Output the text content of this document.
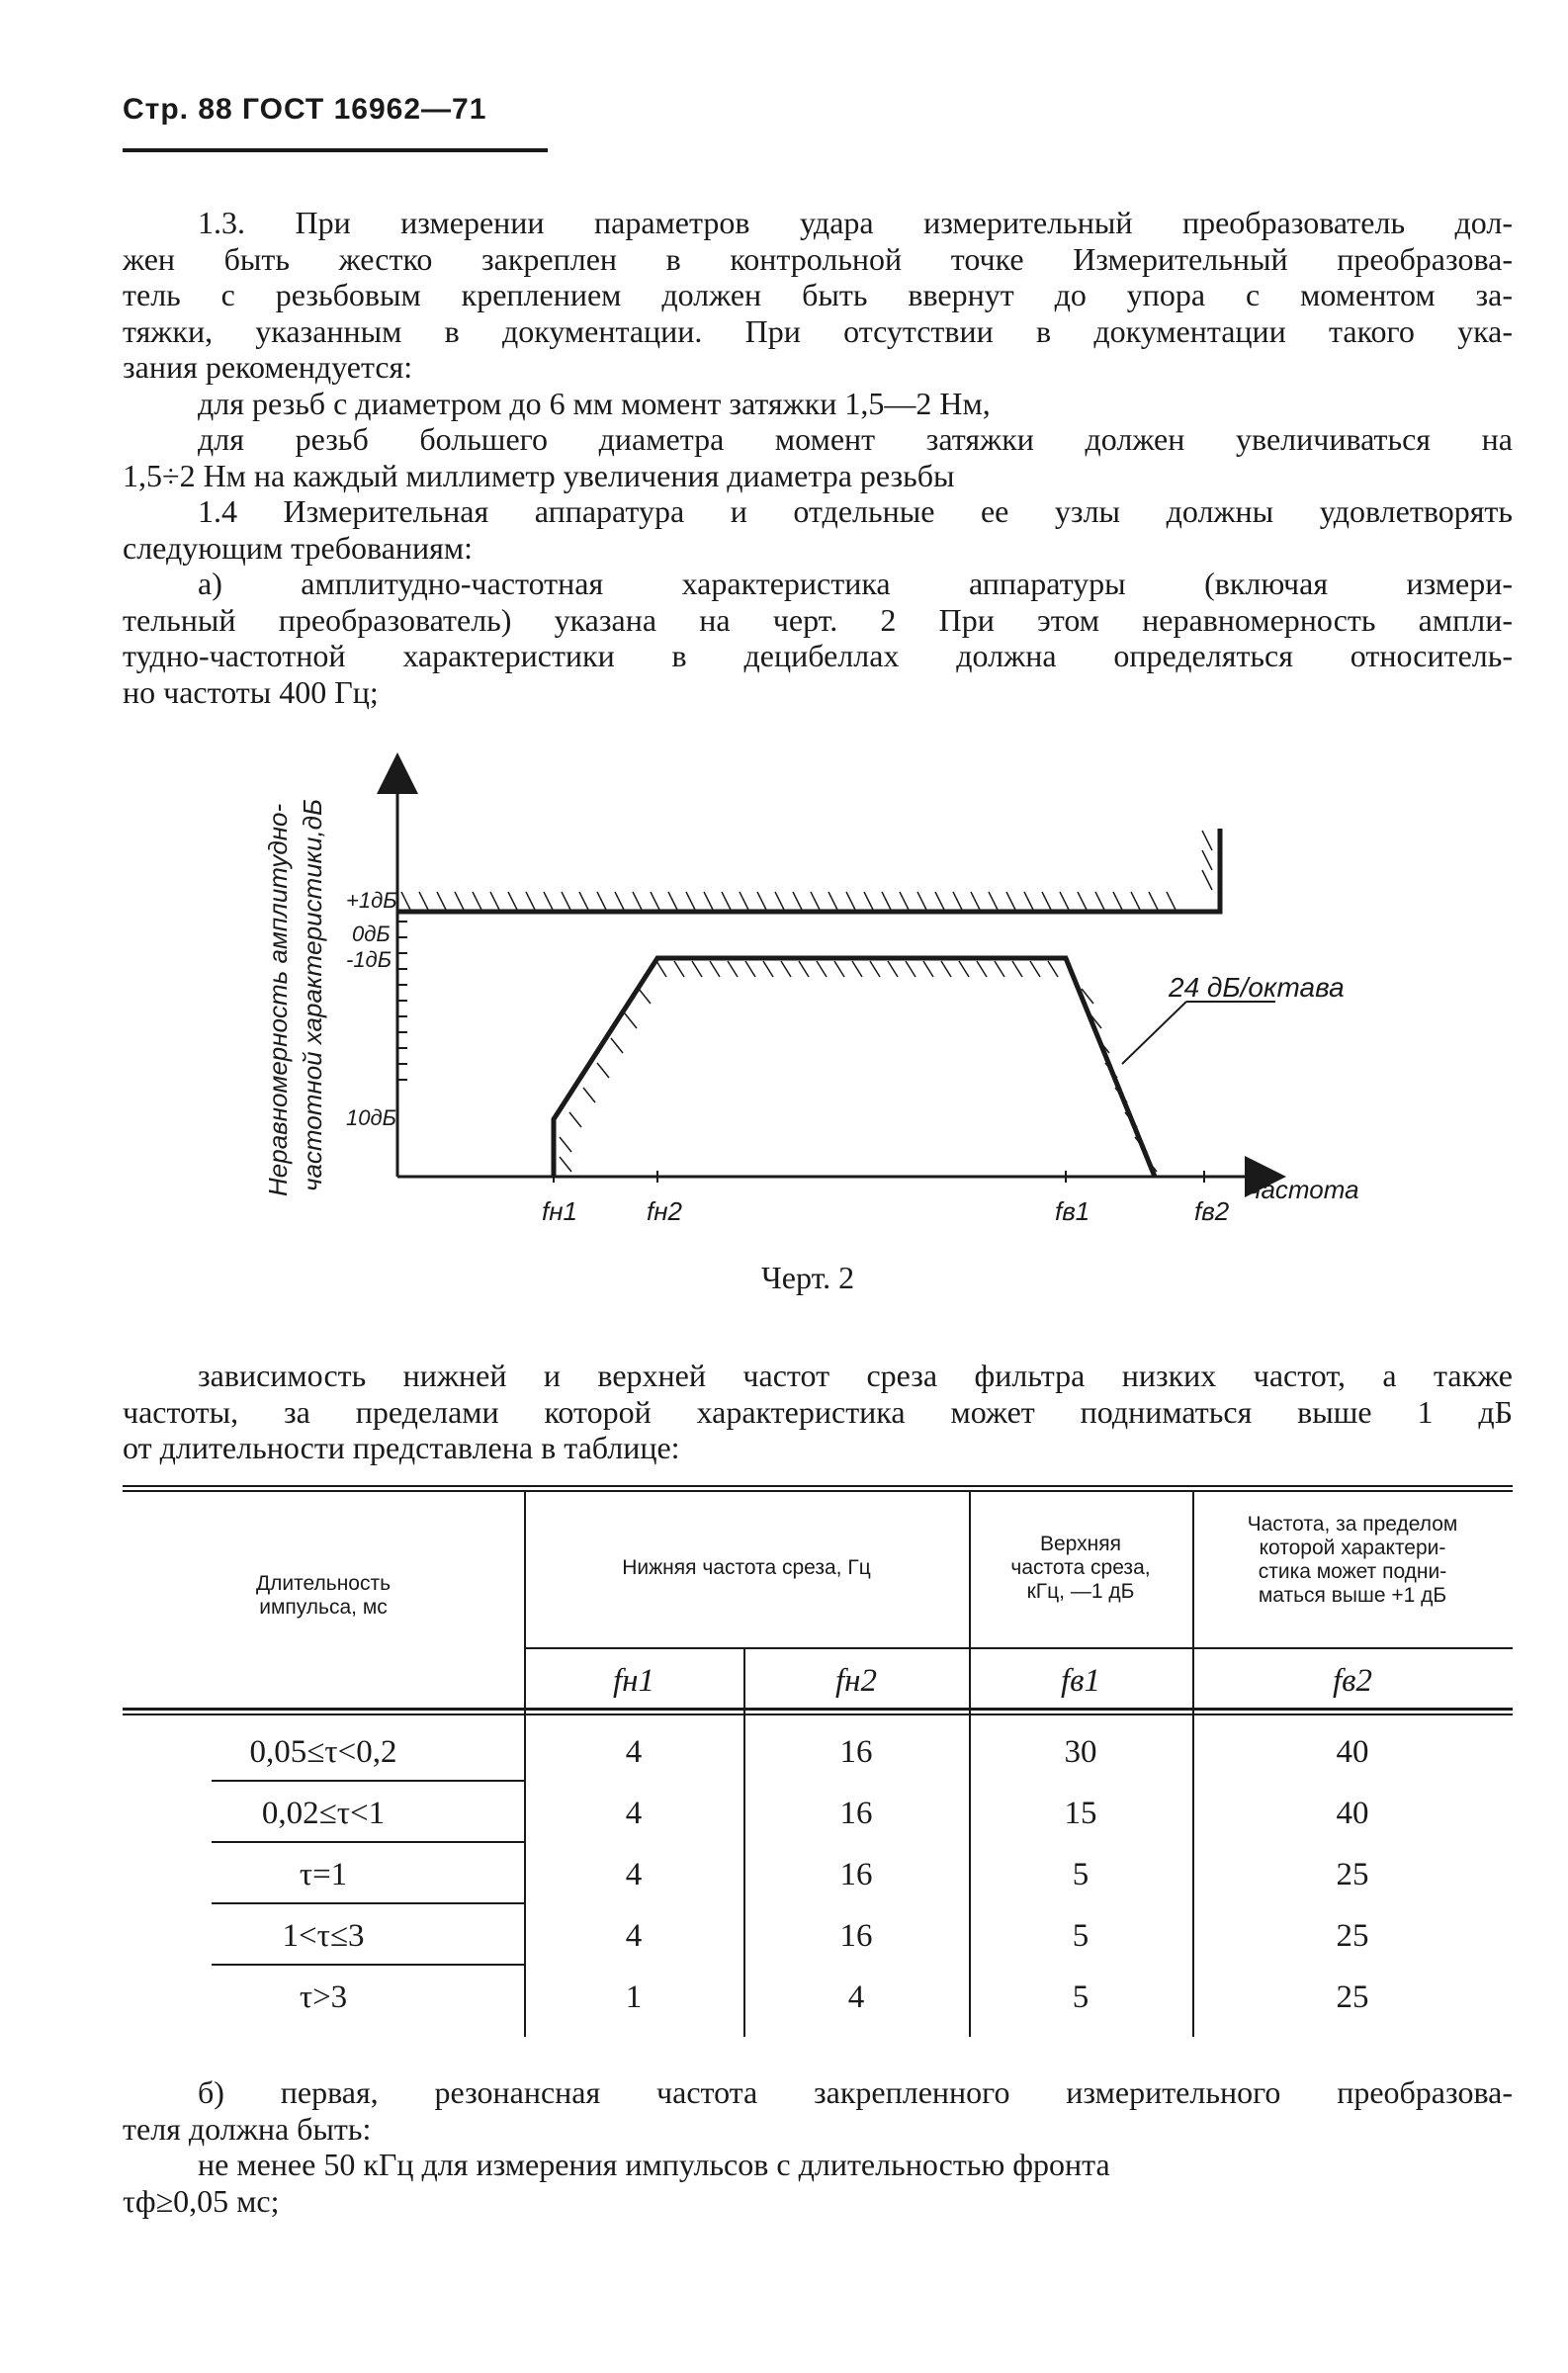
Стр. 88 ГОСТ 16962—71
1.3. При измерении параметров удара измерительный преобразователь дол-
жен быть жестко закреплен в контрольной точке Измерительный преобразова-
тель с резьбовым креплением должен быть ввернут до упора с моментом за-
тяжки, указанным в документации. При отсутствии в документации такого ука-
зания рекомендуется:
для резьб с диаметром до 6 мм момент затяжки 1,5—2 Нм,
для резьб большего диаметра момент затяжки должен увеличиваться на
1,5÷2 Нм на каждый миллиметр увеличения диаметра резьбы
1.4 Измерительная аппаратура и отдельные ее узлы должны удовлетворять
следующим требованиям:
а) амплитудно-частотная характеристика аппаратуры (включая измери-
тельный преобразователь) указана на черт. 2 При этом неравномерность ампли-
тудно-частотной характеристики в децибеллах должна определяться относитель-
но частоты 400 Гц;
Неравномерность амплитудно- частотной характеристики,дБ +1дБ
0дБ
-1дБ
10дБ
fн1	fн2	fв1	fв2
частота
24 дБ/октава
Черт. 2
зависимость нижней и верхней частот среза фильтра низких частот, а также
частоты, за пределами которой характеристика может подниматься выше 1 дБ
от длительности представлена в таблице:
Длительность
импульса, мс
Нижняя частота среза, Гц
Верхняя
частота среза,
кГц, —1 дБ
Частота, за пределом
которой характери-
стика может подни-
маться выше +1 дБ
fн1	fн2	fв1	fв2
0,05≤τ<0,2	4	16	30	40
0,02≤τ<1	4	16	15	40
τ=1	4	16	5	25
1<τ≤3	4	16	5	25
τ>3	1	4	5	25
б) первая, резонансная частота закрепленного измерительного преобразова-
теля должна быть:
не менее 50 кГц для измерения импульсов с длительностью фронта
τф≥0,05 мс;
